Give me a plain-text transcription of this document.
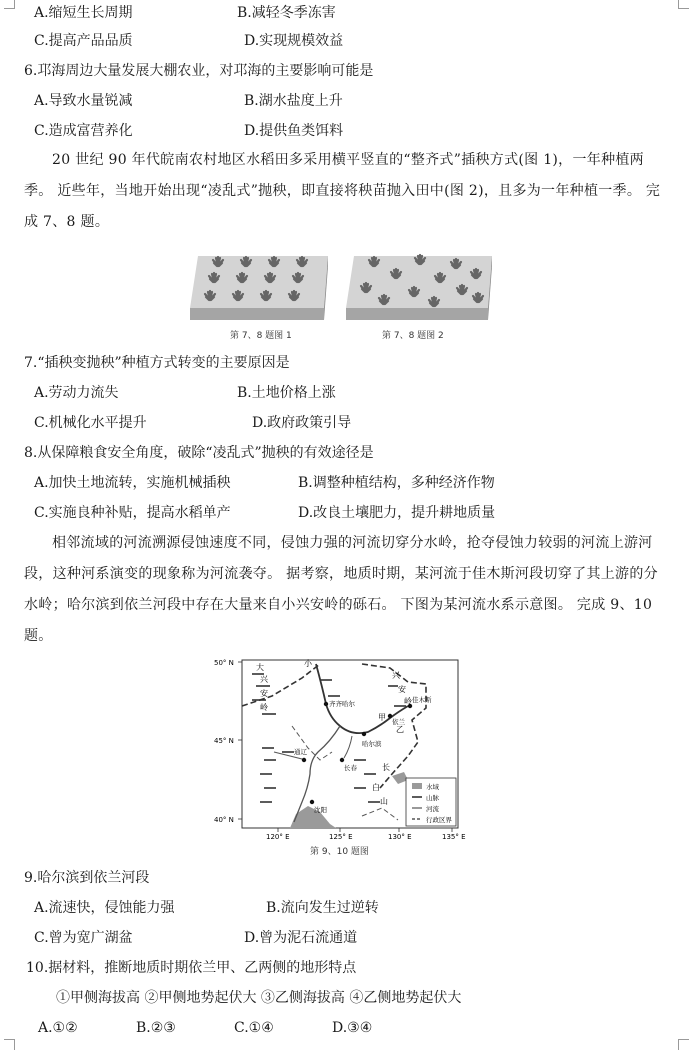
A.缩短生长周期	B.减轻冬季冻害
C.提高产品品质	D.实现规模效益
6.邛海周边大量发展大棚农业，对邛海的主要影响可能是
A.导致水量锐减	B.湖水盐度上升
C.造成富营养化	D.提供鱼类饵料
20 世纪 90 年代皖南农村地区水稻田多采用横平竖直的“整齐式”插秧方式(图 1)，一年种植两季。 近些年，当地开始出现“凌乱式”抛秧，即直接将秧苗抛入田中(图 2)，且多为一年种植一季。 完成 7、8 题。
第 7、8 题图 1	第 7、8 题图 2
7.“插秧变抛秧”种植方式转变的主要原因是
A.劳动力流失	B.土地价格上涨
C.机械化水平提升	D.政府政策引导
8.从保障粮食安全角度，破除“凌乱式”抛秧的有效途径是
A.加快土地流转，实施机械插秧	B.调整种植结构，多种经济作物
C.实施良种补贴，提高水稻单产	D.改良土壤肥力，提升耕地质量
相邻流域的河流溯源侵蚀速度不同，侵蚀力强的河流切穿分水岭，抢夺侵蚀力较弱的河流上游河段，这种河系演变的现象称为河流袭夺。 据考察，地质时期，某河流于佳木斯河段切穿了其上游的分水岭；哈尔滨到依兰河段中存在大量来自小兴安岭的砾石。 下图为某河流水系示意图。 完成 9、10 题。
50° N
45° N
40° N
120° E	125° E	130° E	135° E
齐齐哈尔
哈尔滨
依兰
佳木斯
通辽
长春
沈阳
甲
乙
大
兴
安
岭
小
兴
安
岭
长
白
山
水域
山脉
河流
行政区界
第 9、10 题图
9.哈尔滨到依兰河段
A.流速快，侵蚀能力强	B.流向发生过逆转
C.曾为宽广湖盆	D.曾为泥石流通道
10.据材料，推断地质时期依兰甲、乙两侧的地形特点
①甲侧海拔高 ②甲侧地势起伏大 ③乙侧海拔高 ④乙侧地势起伏大
A.①②	B.②③	C.①④	D.③④
